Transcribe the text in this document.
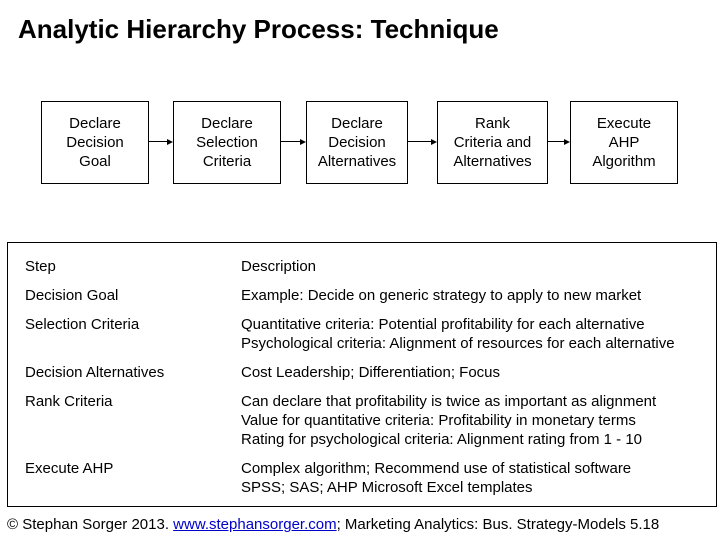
Analytic Hierarchy Process: Technique
Declare
Decision
Goal
Declare
Selection
Criteria
Declare
Decision
Alternatives
Rank
Criteria and
Alternatives
Execute
AHP
Algorithm
Step	Description
Decision Goal	Example: Decide on generic strategy to apply to new market
Selection Criteria	Quantitative criteria: Potential profitability for each alternative
Psychological criteria: Alignment of resources for each alternative
Decision Alternatives	Cost Leadership; Differentiation; Focus
Rank Criteria	Can declare that profitability is twice as important as alignment
Value for quantitative criteria: Profitability in monetary terms
Rating for psychological criteria: Alignment rating from 1 - 10
Execute AHP	Complex algorithm; Recommend use of statistical software
SPSS; SAS; AHP Microsoft Excel templates
© Stephan Sorger 2013. www.stephansorger.com; Marketing Analytics: Bus. Strategy-Models 5.18
